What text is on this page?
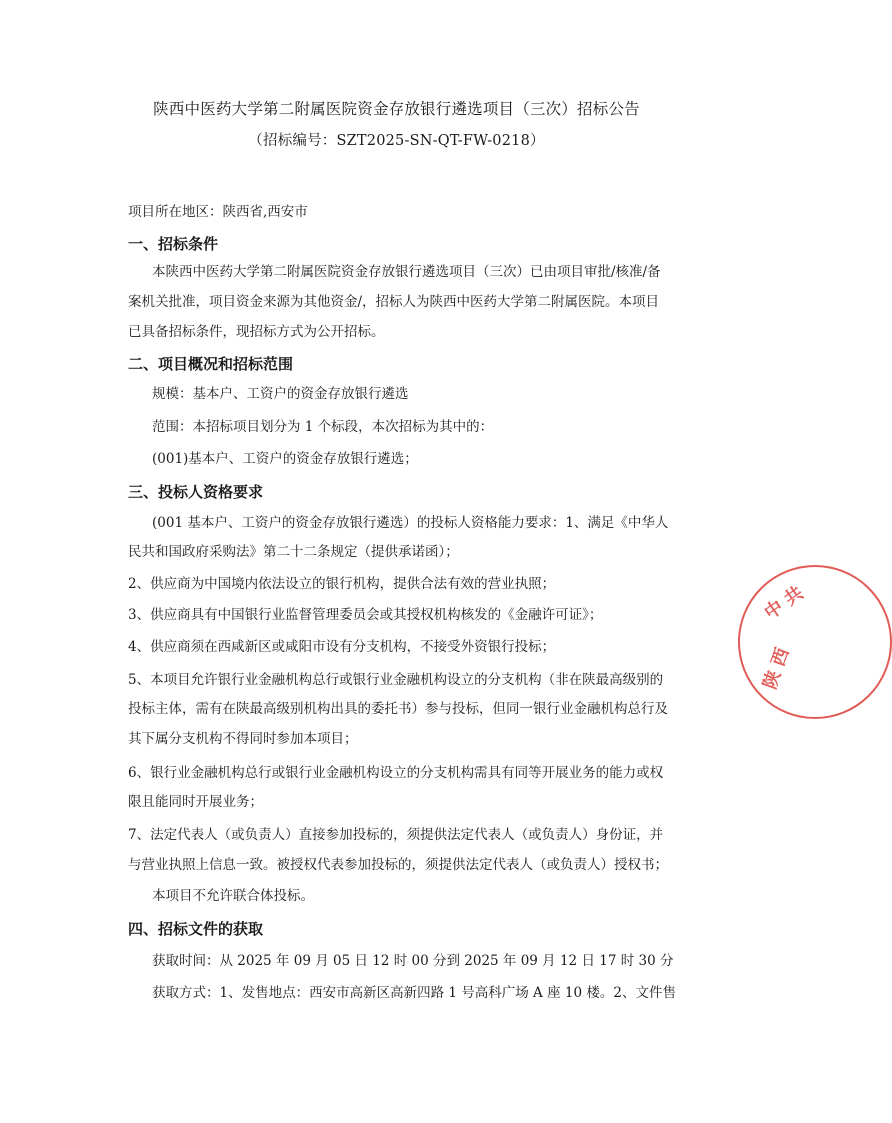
陕西中医药大学第二附属医院资金存放银行遴选项目（三次）招标公告
（招标编号：SZT2025-SN-QT-FW-0218）
项目所在地区：陕西省,西安市
一、招标条件
本陕西中医药大学第二附属医院资金存放银行遴选项目（三次）已由项目审批/核准/备
案机关批准，项目资金来源为其他资金/，招标人为陕西中医药大学第二附属医院。本项目
已具备招标条件，现招标方式为公开招标。
二、项目概况和招标范围
规模：基本户、工资户的资金存放银行遴选
范围：本招标项目划分为 1 个标段，本次招标为其中的：
(001)基本户、工资户的资金存放银行遴选；
三、投标人资格要求
(001 基本户、工资户的资金存放银行遴选）的投标人资格能力要求：1、满足《中华人
民共和国政府采购法》第二十二条规定（提供承诺函）；
2、供应商为中国境内依法设立的银行机构，提供合法有效的营业执照；
3、供应商具有中国银行业监督管理委员会或其授权机构核发的《金融许可证》；
4、供应商须在西咸新区或咸阳市设有分支机构，不接受外资银行投标；
5、本项目允许银行业金融机构总行或银行业金融机构设立的分支机构（非在陕最高级别的
投标主体，需有在陕最高级别机构出具的委托书）参与投标，但同一银行业金融机构总行及
其下属分支机构不得同时参加本项目；
6、银行业金融机构总行或银行业金融机构设立的分支机构需具有同等开展业务的能力或权
限且能同时开展业务；
7、法定代表人（或负责人）直接参加投标的，须提供法定代表人（或负责人）身份证，并
与营业执照上信息一致。被授权代表参加投标的，须提供法定代表人（或负责人）授权书；
本项目不允许联合体投标。
四、招标文件的获取
获取时间：从 2025 年 09 月 05 日 12 时 00 分到 2025 年 09 月 12 日 17 时 30 分
获取方式：1、发售地点：西安市高新区高新四路 1 号高科广场 A 座 10 楼。2、文件售
陕 西
中 共
